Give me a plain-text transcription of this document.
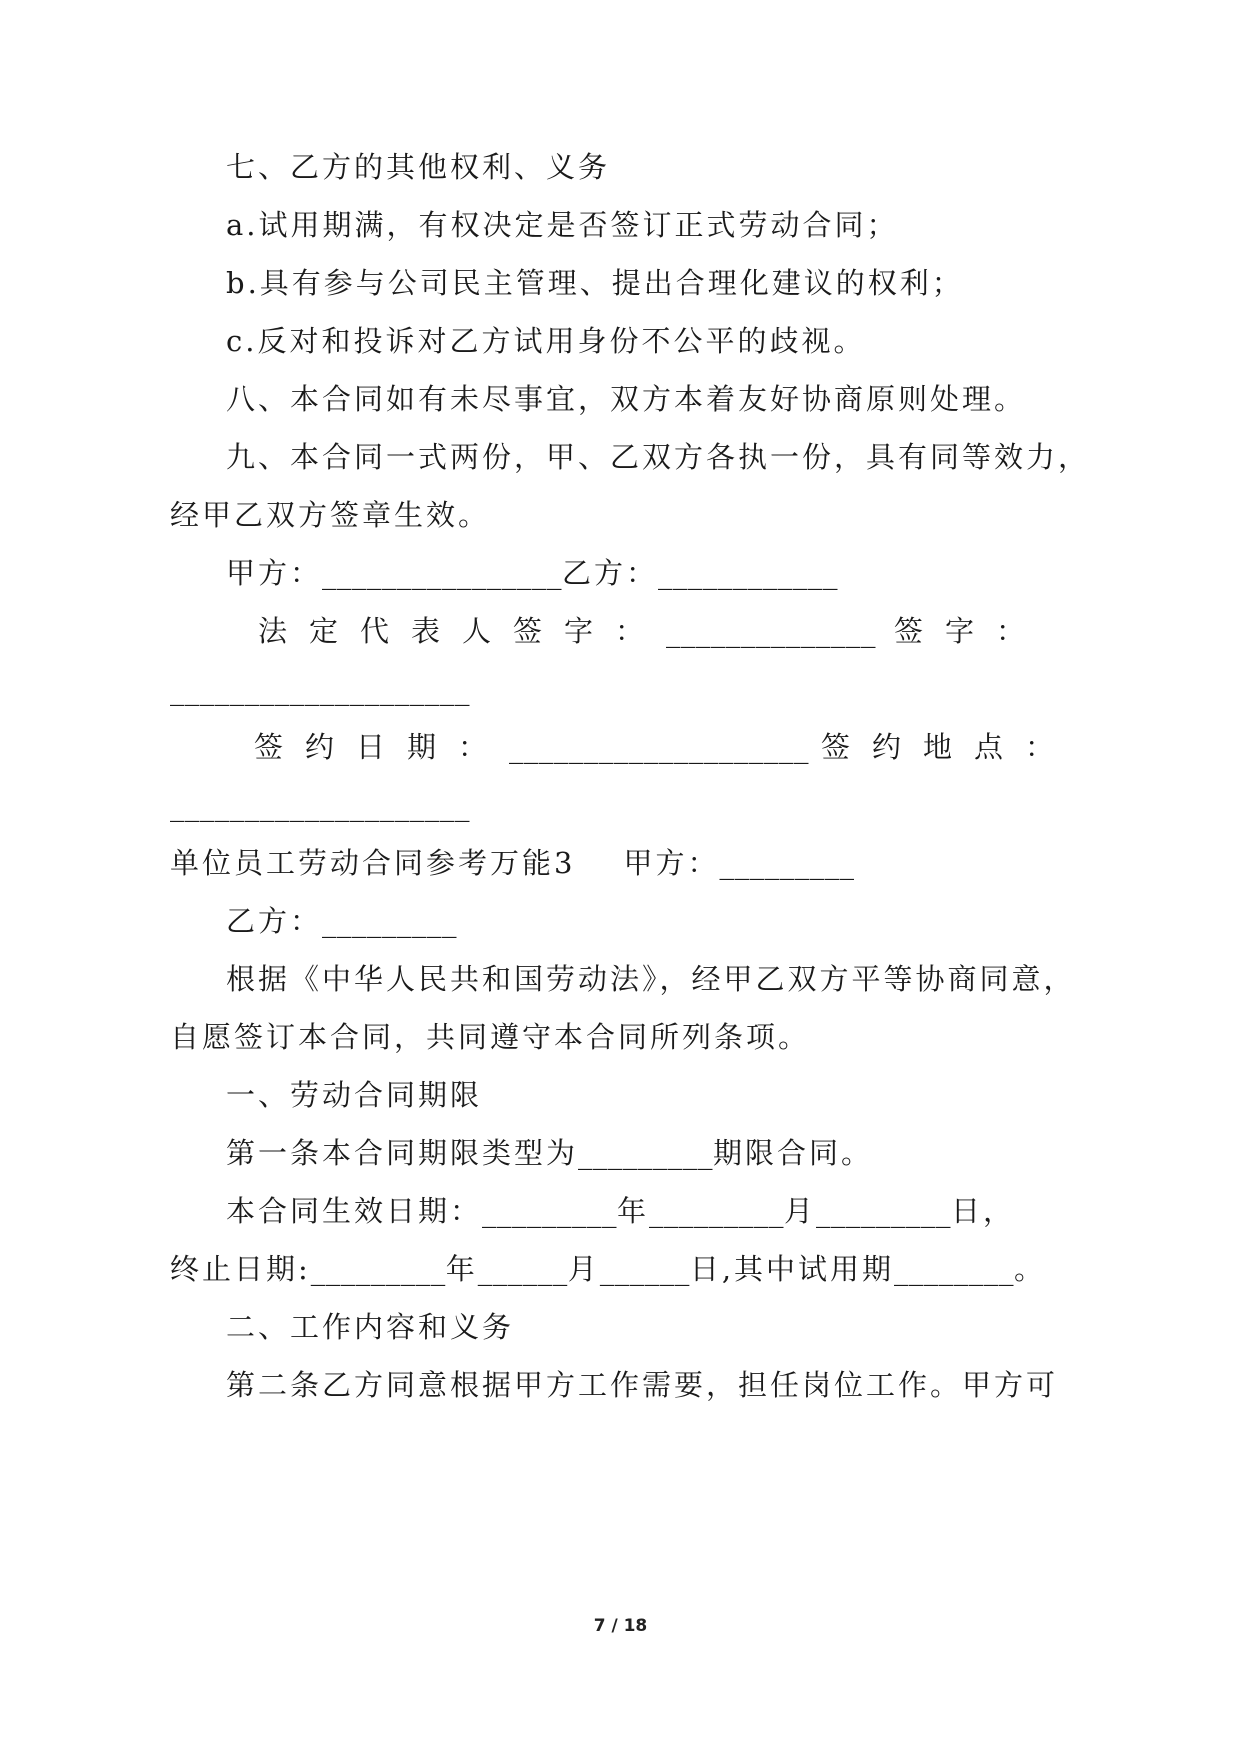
七、乙方的其他权利、义务
a.试用期满，有权决定是否签订正式劳动合同；
b.具有参与公司民主管理、提出合理化建议的权利；
c.反对和投诉对乙方试用身份不公平的歧视。
八、本合同如有未尽事宜，双方本着友好协商原则处理。
九、本合同一式两份，甲、乙双方各执一份，具有同等效力，
经甲乙双方签章生效。
甲方：________________乙方：____________
法定代表人签字：______________ 签字：
____________________
签约日期：____________________ 签约地点：
____________________
单位员工劳动合同参考万能3 甲方：_________
乙方：_________
根据《中华人民共和国劳动法》，经甲乙双方平等协商同意，
自愿签订本合同，共同遵守本合同所列条项。
一、劳动合同期限
第一条本合同期限类型为_________期限合同。
本合同生效日期：_________年_________月_________日，
终止日期:_________年______月______日,其中试用期________。
二、工作内容和义务
第二条乙方同意根据甲方工作需要，担任岗位工作。甲方可
7 / 18
